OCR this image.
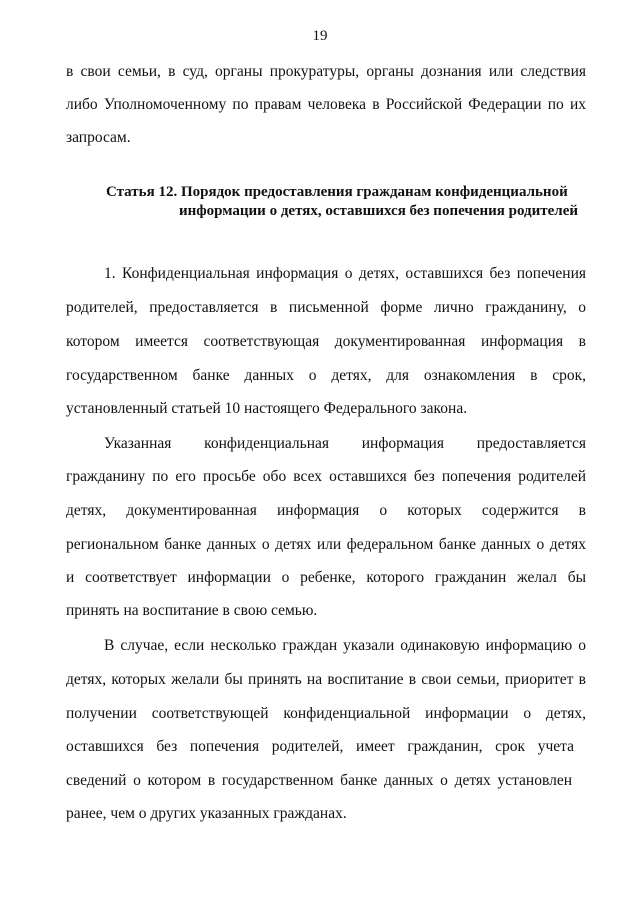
19
в свои семьи, в суд, органы прокуратуры, органы дознания или следствия
либо Уполномоченному по правам человека в Российской Федерации по их
запросам.
Статья 12. Порядок предоставления гражданам конфиденциальной
информации о детях, оставшихся без попечения родителей
1. Конфиденциальная информация о детях, оставшихся без попечения
родителей, предоставляется в письменной форме лично гражданину, о
котором имеется соответствующая документированная информация в
государственном банке данных о детях, для ознакомления в срок,
установленный статьей 10 настоящего Федерального закона.
Указанная конфиденциальная информация предоставляется
гражданину по его просьбе обо всех оставшихся без попечения родителей
детях, документированная информация о которых содержится в
региональном банке данных о детях или федеральном банке данных о детях
и соответствует информации о ребенке, которого гражданин желал бы
принять на воспитание в свою семью.
В случае, если несколько граждан указали одинаковую информацию о
детях, которых желали бы принять на воспитание в свои семьи, приоритет в
получении соответствующей конфиденциальной информации о детях,
оставшихся без попечения родителей, имеет гражданин, срок учета
сведений о котором в государственном банке данных о детях установлен
ранее, чем о других указанных гражданах.
